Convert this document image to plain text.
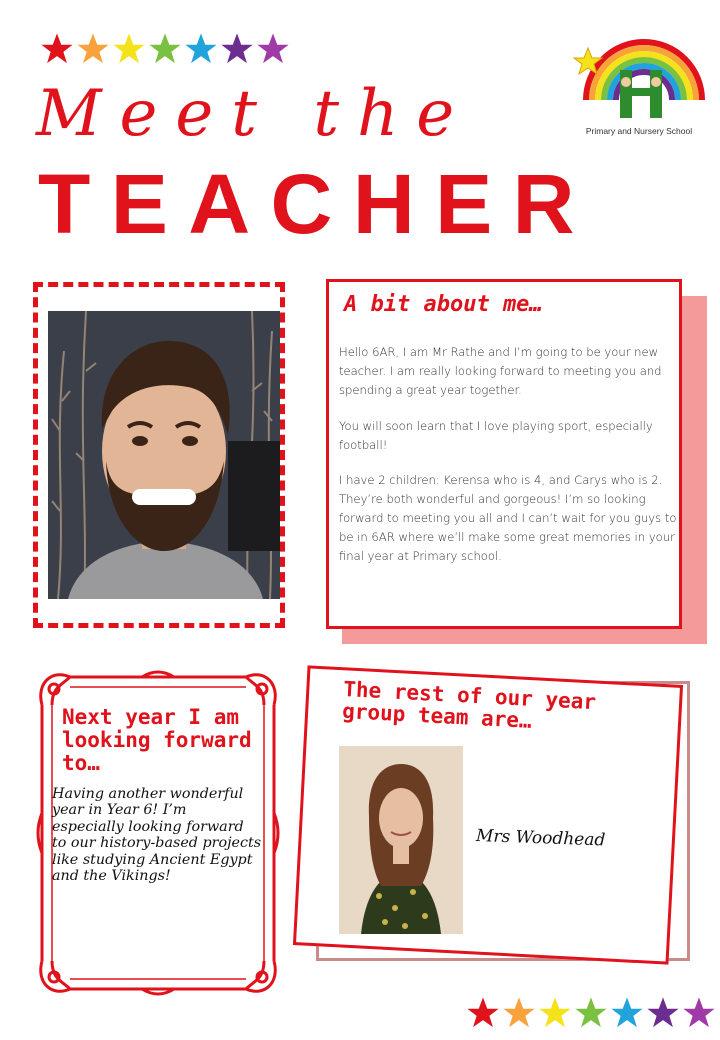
Primary and Nursery School
Meet the
TEACHER
A bit about me…
Hello 6AR, I am Mr Rathe and I’m going to be your new teacher. I am really looking forward to meeting you and spending a great year together.
You will soon learn that I love playing sport, especially football!
I have 2 children: Kerensa who is 4, and Carys who is 2. They’re both wonderful and gorgeous! I’m so looking forward to meeting you all and I can’t wait for you guys to be in 6AR where we’ll make some great memories in your final year at Primary school.
Next year I am looking forward to…
Having another wonderful year in Year 6! I’m especially looking forward to our history-based projects like studying Ancient Egypt and the Vikings!
The rest of our year group team are…
Mrs Woodhead
